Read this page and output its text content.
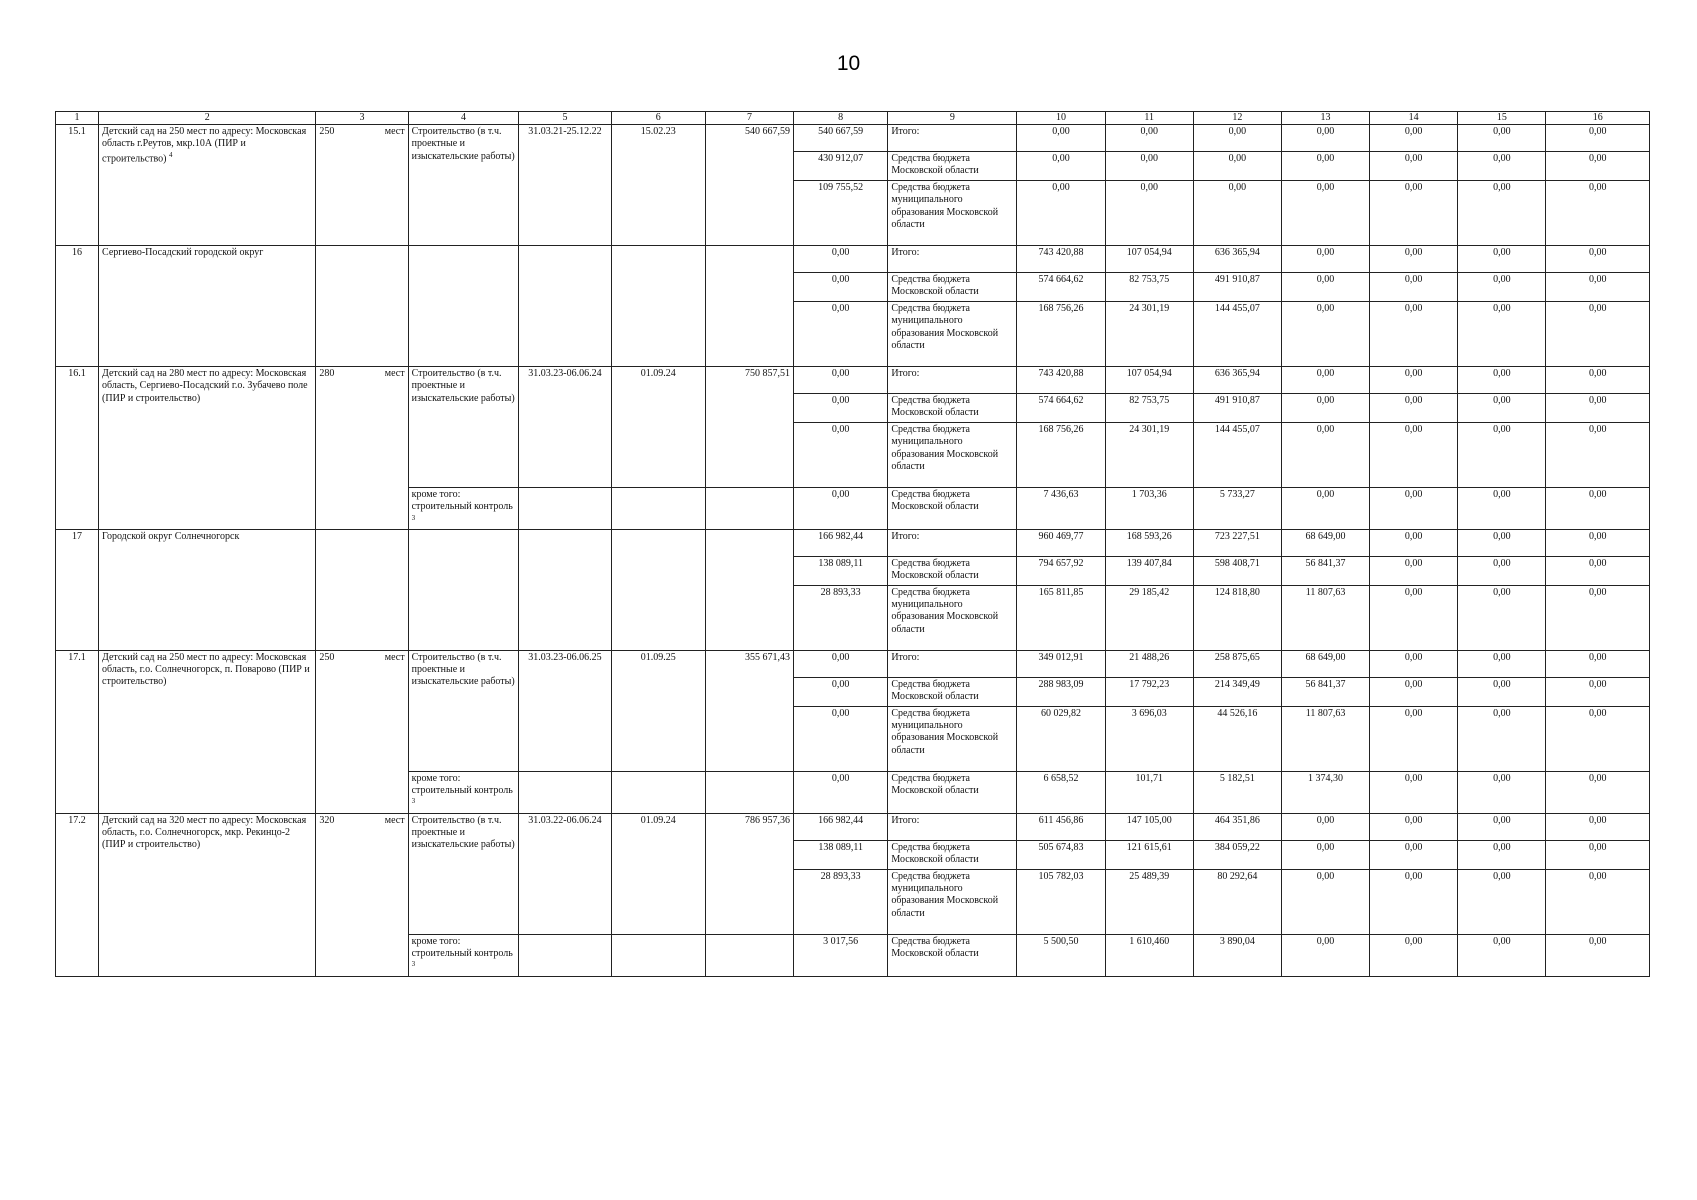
10
1	2	3	4	5	6	7	8	9	10	11	12	13	14	15	16
15.1	Детский сад на 250 мест по адресу: Московская область г.Реутов, мкр.10А (ПИР и строительство) $^4$	250 мест	Строительство (в т.ч. проектные и изыскательские работы)	31.03.21-25.12.22	15.02.23	540 667,59	540 667,59	Итого:	0,00	0,00	0,00	0,00	0,00	0,00	0,00
							430 912,07	Средства бюджета Московской области	0,00	0,00	0,00	0,00	0,00	0,00	0,00
							109 755,52	Средства бюджета муниципального образования Московской области	0,00	0,00	0,00	0,00	0,00	0,00	0,00
16	Сергиево-Посадский городской округ						0,00	Итого:	743 420,88	107 054,94	636 365,94	0,00	0,00	0,00	0,00
							0,00	Средства бюджета Московской области	574 664,62	82 753,75	491 910,87	0,00	0,00	0,00	0,00
							0,00	Средства бюджета муниципального образования Московской области	168 756,26	24 301,19	144 455,07	0,00	0,00	0,00	0,00
16.1	Детский сад на 280 мест по адресу: Московская область, Сергиево-Посадский г.о. Зубачево поле (ПИР и строительство)	280 мест	Строительство (в т.ч. проектные и изыскательские работы)	31.03.23-06.06.24	01.09.24	750 857,51	0,00	Итого:	743 420,88	107 054,94	636 365,94	0,00	0,00	0,00	0,00
							0,00	Средства бюджета Московской области	574 664,62	82 753,75	491 910,87	0,00	0,00	0,00	0,00
							0,00	Средства бюджета муниципального образования Московской области	168 756,26	24 301,19	144 455,07	0,00	0,00	0,00	0,00
			кроме того: строительный контроль $^3$				0,00	Средства бюджета Московской области	7 436,63	1 703,36	5 733,27	0,00	0,00	0,00	0,00
17	Городской округ Солнечногорск						166 982,44	Итого:	960 469,77	168 593,26	723 227,51	68 649,00	0,00	0,00	0,00
							138 089,11	Средства бюджета Московской области	794 657,92	139 407,84	598 408,71	56 841,37	0,00	0,00	0,00
							28 893,33	Средства бюджета муниципального образования Московской области	165 811,85	29 185,42	124 818,80	11 807,63	0,00	0,00	0,00
17.1	Детский сад на 250 мест по адресу: Московская область, г.о. Солнечногорск, п. Поварово (ПИР и строительство)	250 мест	Строительство (в т.ч. проектные и изыскательские работы)	31.03.23-06.06.25	01.09.25	355 671,43	0,00	Итого:	349 012,91	21 488,26	258 875,65	68 649,00	0,00	0,00	0,00
							0,00	Средства бюджета Московской области	288 983,09	17 792,23	214 349,49	56 841,37	0,00	0,00	0,00
							0,00	Средства бюджета муниципального образования Московской области	60 029,82	3 696,03	44 526,16	11 807,63	0,00	0,00	0,00
			кроме того: строительный контроль $^3$				0,00	Средства бюджета Московской области	6 658,52	101,71	5 182,51	1 374,30	0,00	0,00	0,00
17.2	Детский сад на 320 мест по адресу: Московская область, г.о. Солнечногорск, мкр. Рекинцо-2 (ПИР и строительство)	320 мест	Строительство (в т.ч. проектные и изыскательские работы)	31.03.22-06.06.24	01.09.24	786 957,36	166 982,44	Итого:	611 456,86	147 105,00	464 351,86	0,00	0,00	0,00	0,00
							138 089,11	Средства бюджета Московской области	505 674,83	121 615,61	384 059,22	0,00	0,00	0,00	0,00
							28 893,33	Средства бюджета муниципального образования Московской области	105 782,03	25 489,39	80 292,64	0,00	0,00	0,00	0,00
			кроме того: строительный контроль $^3$				3 017,56	Средства бюджета Московской области	5 500,50	1 610,460	3 890,04	0,00	0,00	0,00	0,00
